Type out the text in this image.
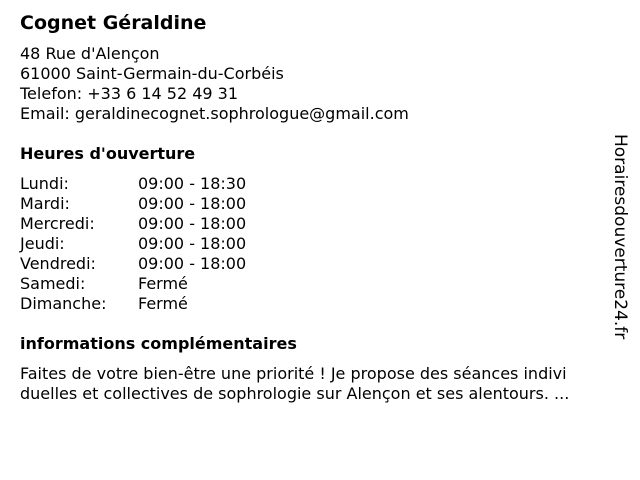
Cognet Géraldine
48 Rue d'Alençon
61000 Saint-Germain-du-Corbéis
Telefon: +33 6 14 52 49 31
Email: geraldinecognet.sophrologue@gmail.com
Heures d'ouverture
Lundi:	09:00 - 18:30
Mardi:	09:00 - 18:00
Mercredi:	09:00 - 18:00
Jeudi:	09:00 - 18:00
Vendredi:	09:00 - 18:00
Samedi:	Fermé
Dimanche:	Fermé
informations complémentaires
Faites de votre bien-être une priorité ! Je propose des séances indivi
duelles et collectives de sophrologie sur Alençon et ses alentours. ...
Horairesdouverture24.fr
